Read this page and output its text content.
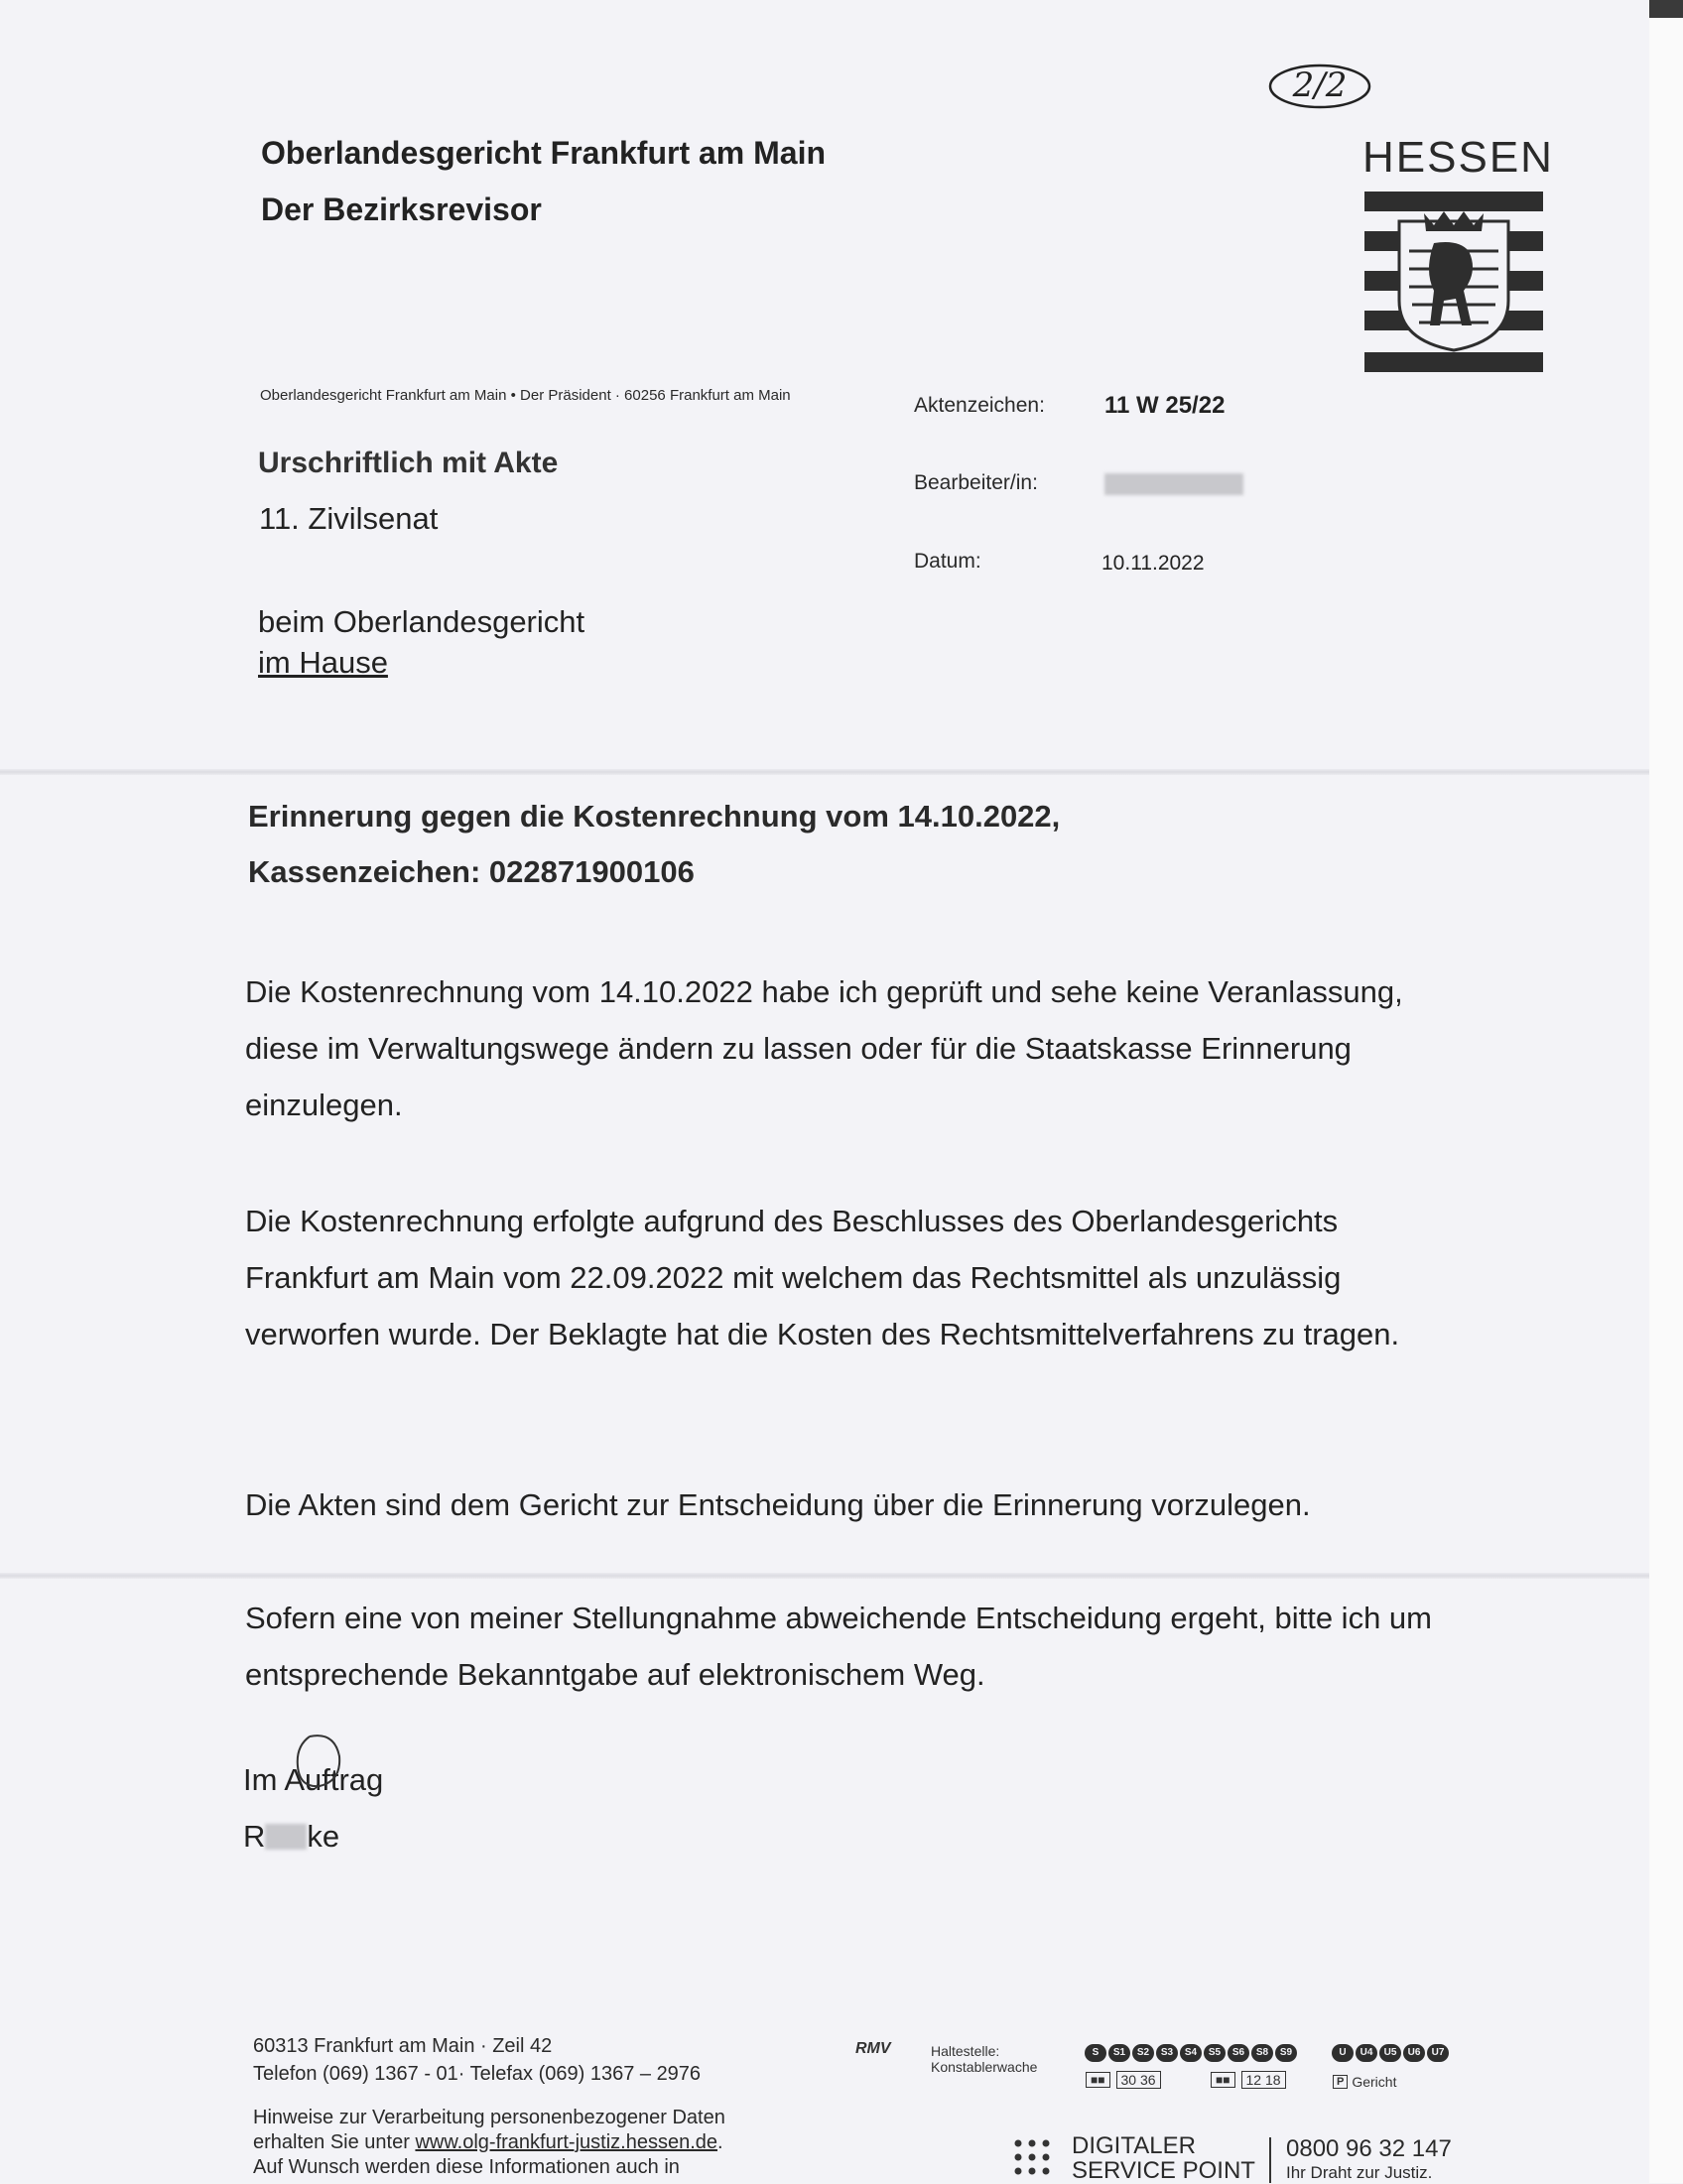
Oberlandesgericht Frankfurt am Main
Der Bezirksrevisor
2/2
HESSEN
Oberlandesgericht Frankfurt am Main • Der Präsident · 60256 Frankfurt am Main
Urschriftlich mit Akte
11. Zivilsenat
beim Oberlandesgericht
im Hause
Aktenzeichen:	11 W 25/22
Bearbeiter/in:
Datum:	10.11.2022
Erinnerung gegen die Kostenrechnung vom 14.10.2022,
Kassenzeichen: 022871900106
Die Kostenrechnung vom 14.10.2022 habe ich geprüft und sehe keine Veranlassung, diese im Verwaltungswege ändern zu lassen oder für die Staatskasse Erinnerung einzulegen.
Die Kostenrechnung erfolgte aufgrund des Beschlusses des Oberlandesgerichts Frankfurt am Main vom 22.09.2022 mit welchem das Rechtsmittel als unzulässig verworfen wurde. Der Beklagte hat die Kosten des Rechtsmittelverfahrens zu tragen.
Die Akten sind dem Gericht zur Entscheidung über die Erinnerung vorzulegen.
Sofern eine von meiner Stellungnahme abweichende Entscheidung ergeht, bitte ich um entsprechende Bekanntgabe auf elektronischem Weg.
Im Auftrag
R ke
60313 Frankfurt am Main · Zeil 42
Telefon (069) 1367 - 01· Telefax (069) 1367 – 2976
Hinweise zur Verarbeitung personenbezogener Daten
erhalten Sie unter www.olg-frankfurt-justiz.hessen.de.
Auf Wunsch werden diese Informationen auch in
RMV	Haltestelle:
Konstablerwache
S	S1	S2	S3	S4	S5	S6	S8	S9	U	U4	U5	U6	U7
■■	30 36	■■	12 18	P Gericht
DIGITALER
SERVICE POINT
0800 96 32 147
Ihr Draht zur Justiz.
